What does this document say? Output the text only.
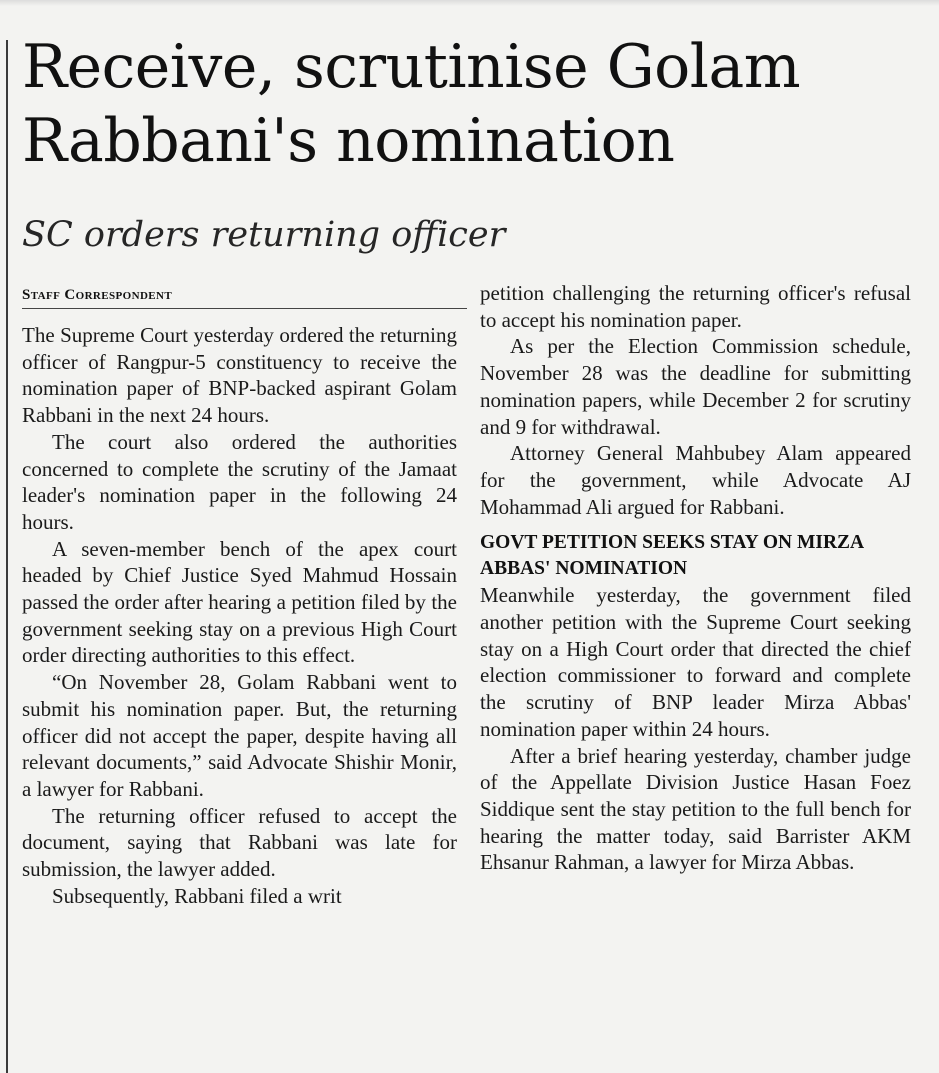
Receive, scrutinise Golam Rabbani's nomination
SC orders returning officer
Staff Correspondent

The Supreme Court yesterday ordered the returning officer of Rangpur-5 constituency to receive the nomination paper of BNP-backed aspirant Golam Rabbani in the next 24 hours.

The court also ordered the authorities concerned to complete the scrutiny of the Jamaat leader's nomination paper in the following 24 hours.

A seven-member bench of the apex court headed by Chief Justice Syed Mahmud Hossain passed the order after hearing a petition filed by the government seeking stay on a previous High Court order directing authorities to this effect.

“On November 28, Golam Rabbani went to submit his nomination paper. But, the returning officer did not accept the paper, despite having all relevant documents,” said Advocate Shishir Monir, a lawyer for Rabbani.

The returning officer refused to accept the document, saying that Rabbani was late for submission, the lawyer added.

Subsequently, Rabbani filed a writ

petition challenging the returning officer's refusal to accept his nomination paper.

As per the Election Commission schedule, November 28 was the deadline for submitting nomination papers, while December 2 for scrutiny and 9 for withdrawal.

Attorney General Mahbubey Alam appeared for the government, while Advocate AJ Mohammad Ali argued for Rabbani.

GOVT PETITION SEEKS STAY ON MIRZA ABBAS' NOMINATION

Meanwhile yesterday, the government filed another petition with the Supreme Court seeking stay on a High Court order that directed the chief election commissioner to forward and complete the scrutiny of BNP leader Mirza Abbas' nomination paper within 24 hours.

After a brief hearing yesterday, chamber judge of the Appellate Division Justice Hasan Foez Siddique sent the stay petition to the full bench for hearing the matter today, said Barrister AKM Ehsanur Rahman, a lawyer for Mirza Abbas.
